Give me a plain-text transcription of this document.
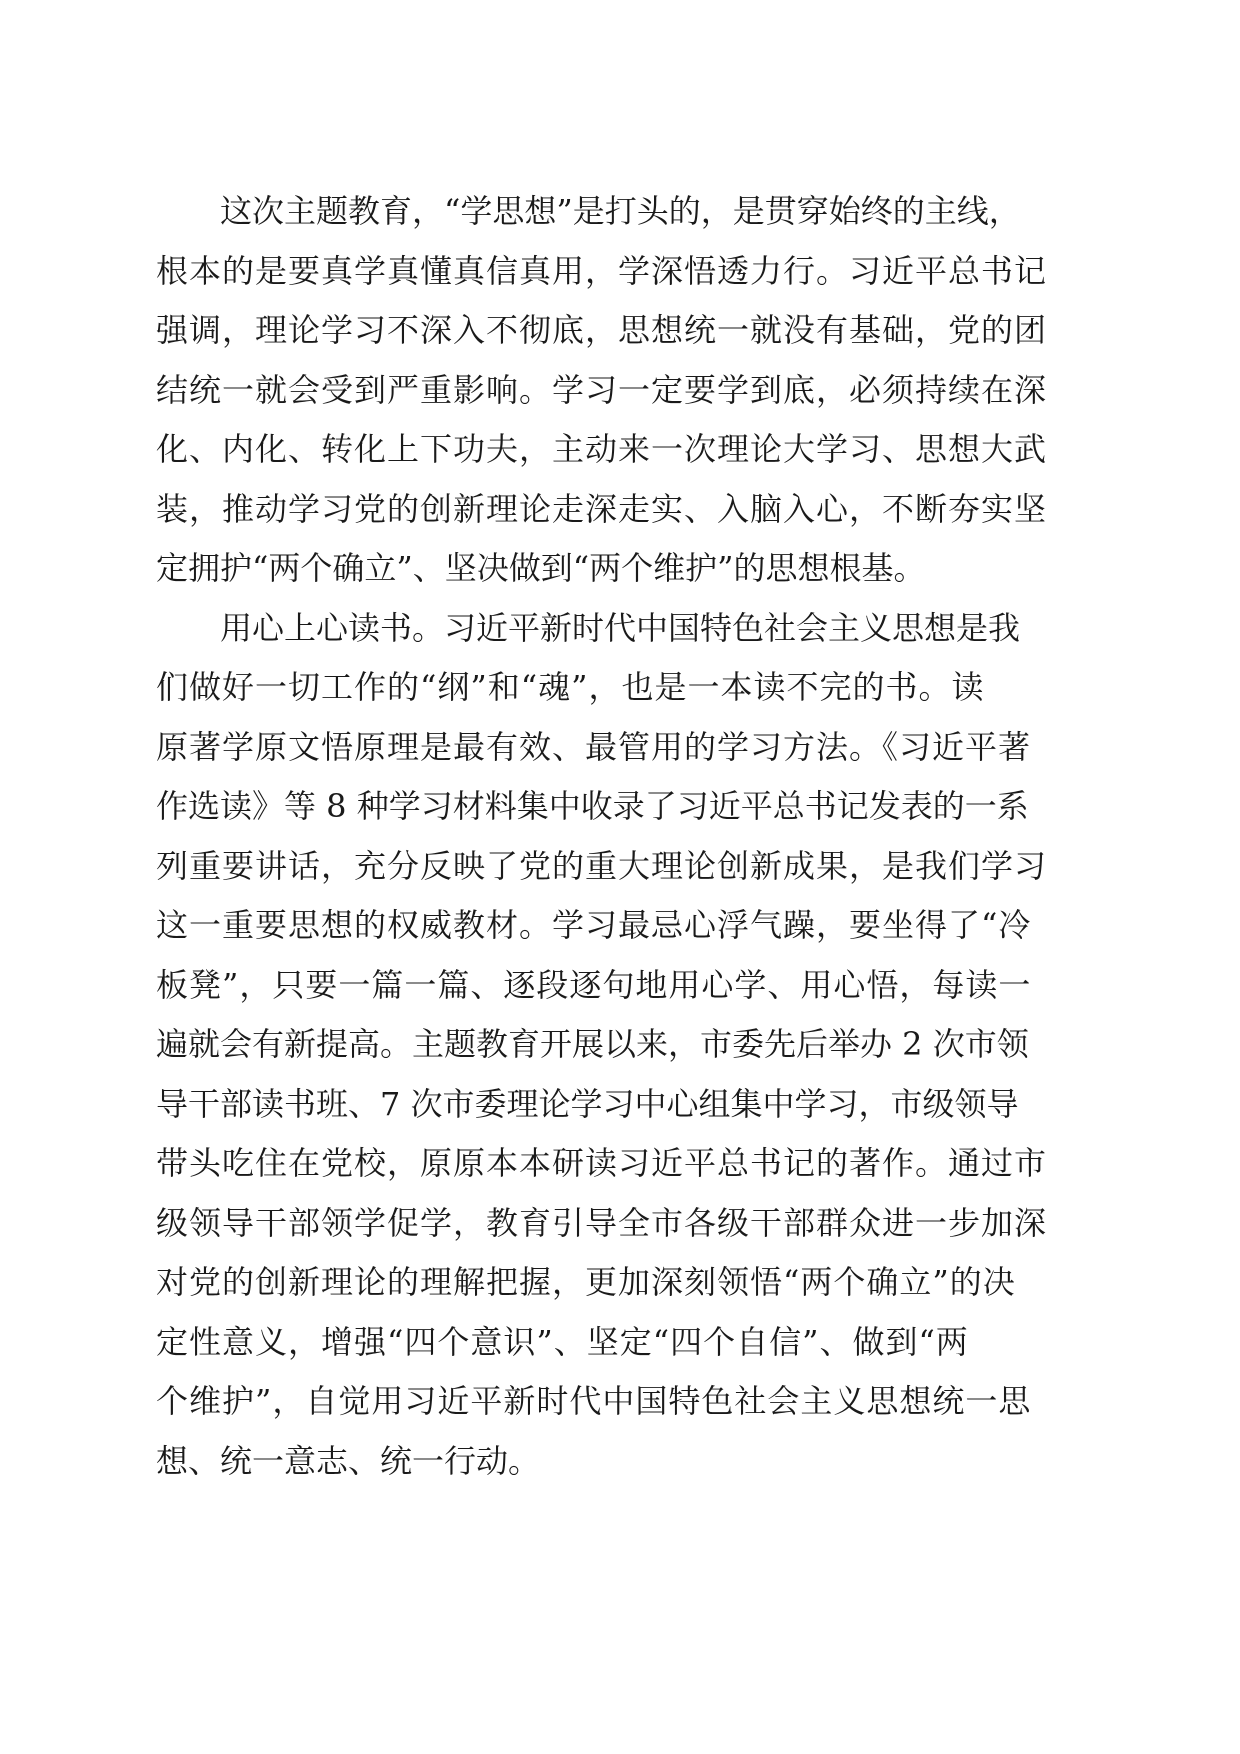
这次主题教育，“学思想”是打头的，是贯穿始终的主线，
根本的是要真学真懂真信真用，学深悟透力行。习近平总书记
强调，理论学习不深入不彻底，思想统一就没有基础，党的团
结统一就会受到严重影响。学习一定要学到底，必须持续在深
化、内化、转化上下功夫，主动来一次理论大学习、思想大武
装，推动学习党的创新理论走深走实、入脑入心，不断夯实坚
定拥护“两个确立”、坚决做到“两个维护”的思想根基。
用心上心读书。习近平新时代中国特色社会主义思想是我
们做好一切工作的“纲”和“魂”，也是一本读不完的书。读
原著学原文悟原理是最有效、最管用的学习方法。《习近平著
作选读》等 8 种学习材料集中收录了习近平总书记发表的一系
列重要讲话，充分反映了党的重大理论创新成果，是我们学习
这一重要思想的权威教材。学习最忌心浮气躁，要坐得了“冷
板凳”，只要一篇一篇、逐段逐句地用心学、用心悟，每读一
遍就会有新提高。主题教育开展以来，市委先后举办 2 次市领
导干部读书班、7 次市委理论学习中心组集中学习，市级领导
带头吃住在党校，原原本本研读习近平总书记的著作。通过市
级领导干部领学促学，教育引导全市各级干部群众进一步加深
对党的创新理论的理解把握，更加深刻领悟“两个确立”的决
定性意义，增强“四个意识”、坚定“四个自信”、做到“两
个维护”，自觉用习近平新时代中国特色社会主义思想统一思
想、统一意志、统一行动。
